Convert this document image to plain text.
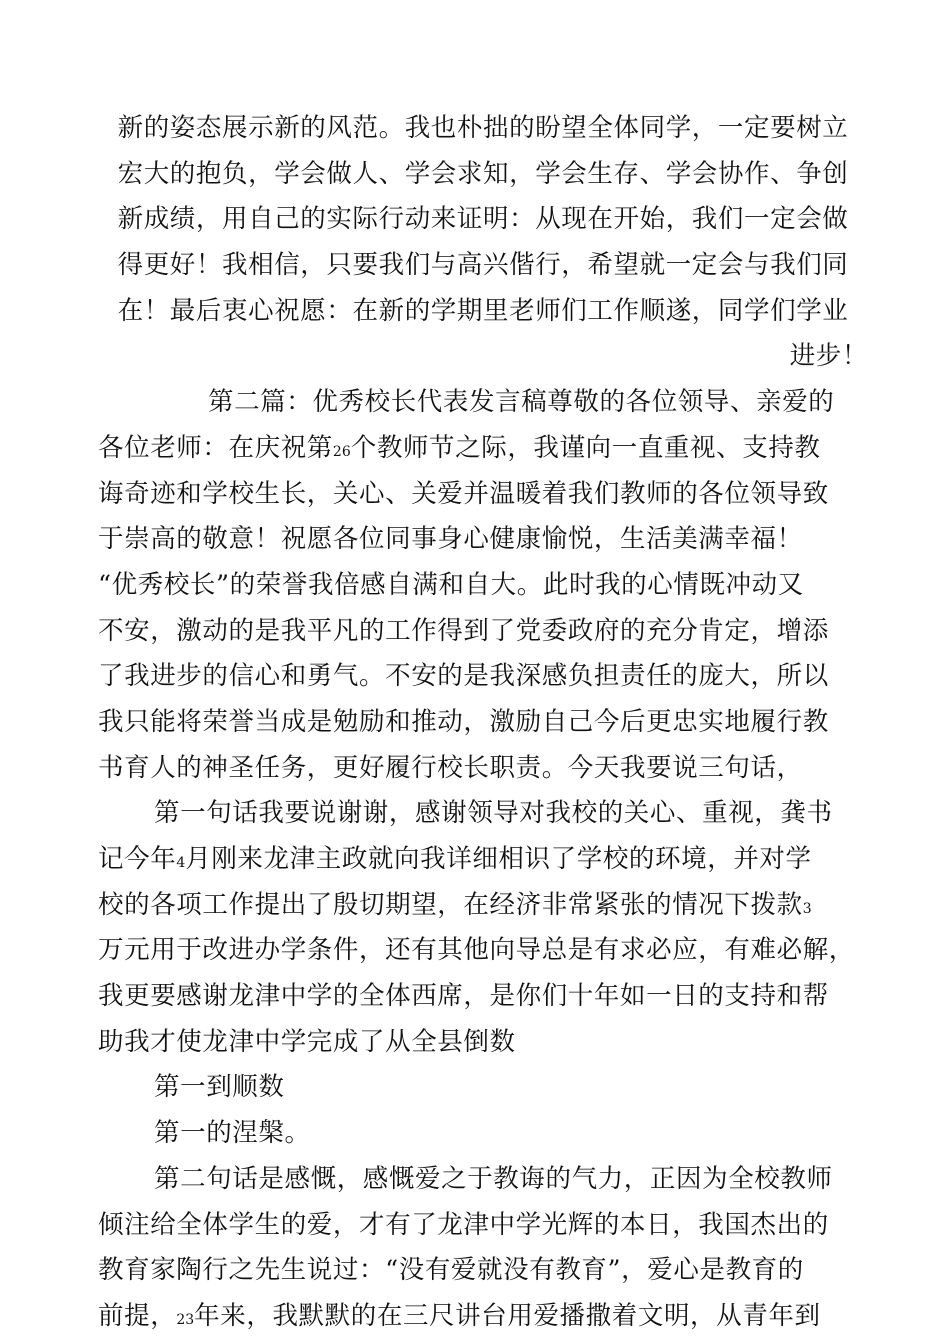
新的姿态展示新的风范。我也朴拙的盼望全体同学，一定要树立
宏大的抱负，学会做人、学会求知，学会生存、学会协作、争创
新成绩，用自己的实际行动来证明：从现在开始，我们一定会做
得更好！我相信，只要我们与高兴偕行，希望就一定会与我们同
在！最后衷心祝愿：在新的学期里老师们工作顺遂，同学们学业
进步！
第二篇：优秀校长代表发言稿尊敬的各位领导、亲爱的
各位老师：在庆祝第26个教师节之际，我谨向一直重视、支持教
诲奇迹和学校生长，关心、关爱并温暖着我们教师的各位领导致
于崇高的敬意！祝愿各位同事身心健康愉悦，生活美满幸福！
“优秀校长”的荣誉我倍感自满和自大。此时我的心情既冲动又
不安，激动的是我平凡的工作得到了党委政府的充分肯定，增添
了我进步的信心和勇气。不安的是我深感负担责任的庞大，所以
我只能将荣誉当成是勉励和推动，激励自己今后更忠实地履行教
书育人的神圣任务，更好履行校长职责。今天我要说三句话，
第一句话我要说谢谢，感谢领导对我校的关心、重视，龚书
记今年4月刚来龙津主政就向我详细相识了学校的环境，并对学
校的各项工作提出了殷切期望，在经济非常紧张的情况下拨款3
万元用于改进办学条件，还有其他向导总是有求必应，有难必解，
我更要感谢龙津中学的全体西席，是你们十年如一日的支持和帮
助我才使龙津中学完成了从全县倒数
第一到顺数
第一的涅槃。
第二句话是感慨，感慨爱之于教诲的气力，正因为全校教师
倾注给全体学生的爱，才有了龙津中学光辉的本日，我国杰出的
教育家陶行之先生说过：“没有爱就没有教育”，爱心是教育的
前提，23年来，我默默的在三尺讲台用爱播撒着文明，从青年到
